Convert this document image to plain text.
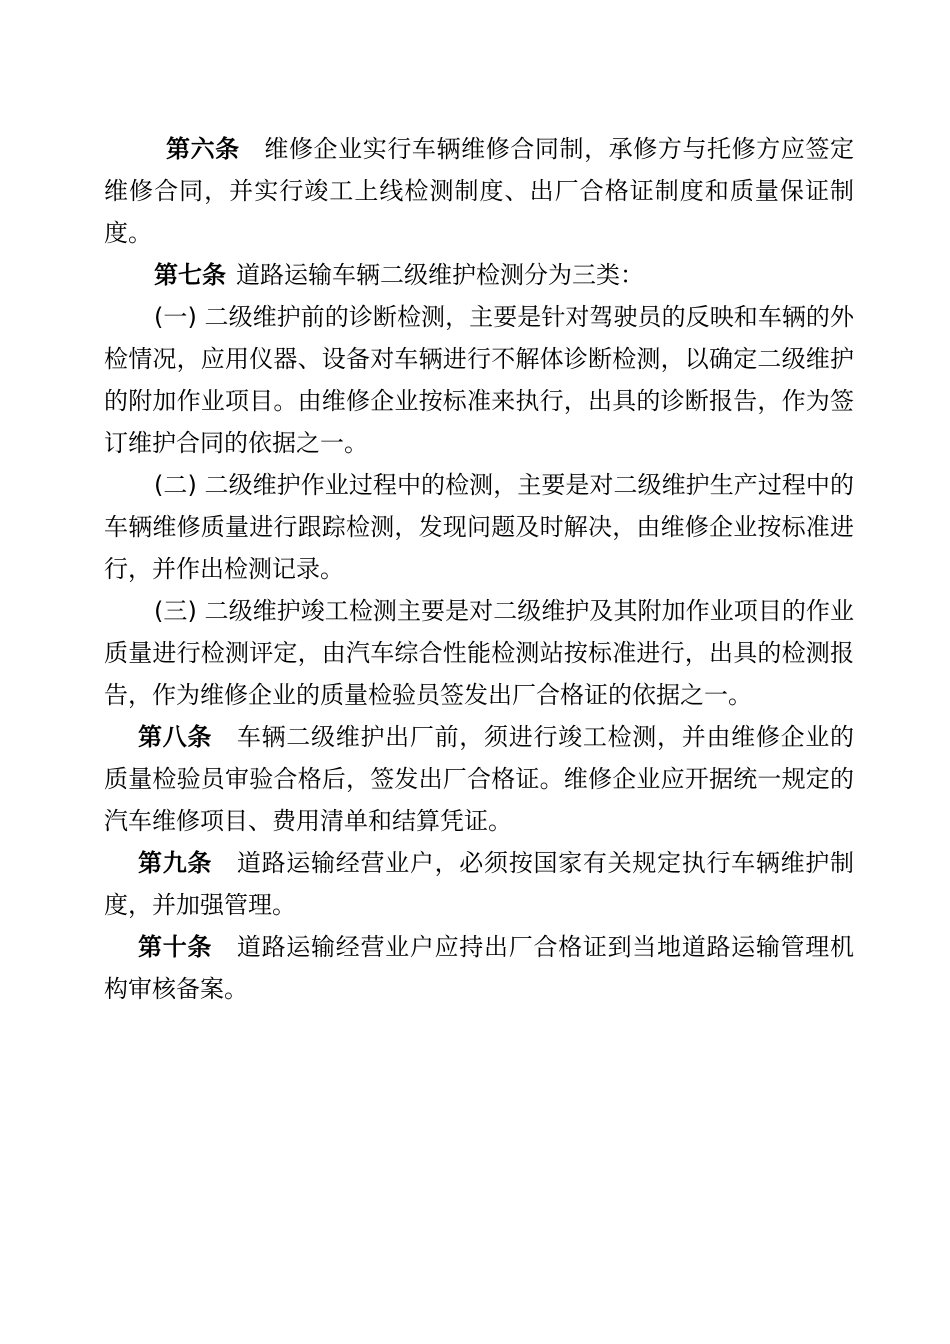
第六条 维修企业实行车辆维修合同制，承修方与托修方应签定维修合同，并实行竣工上线检测制度、出厂合格证制度和质量保证制度。

第七条 道路运输车辆二级维护检测分为三类：

(一) 二级维护前的诊断检测，主要是针对驾驶员的反映和车辆的外检情况，应用仪器、设备对车辆进行不解体诊断检测，以确定二级维护的附加作业项目。由维修企业按标准来执行，出具的诊断报告，作为签订维护合同的依据之一。

(二) 二级维护作业过程中的检测，主要是对二级维护生产过程中的车辆维修质量进行跟踪检测，发现问题及时解决，由维修企业按标准进行，并作出检测记录。

(三) 二级维护竣工检测主要是对二级维护及其附加作业项目的作业质量进行检测评定，由汽车综合性能检测站按标准进行，出具的检测报告，作为维修企业的质量检验员签发出厂合格证的依据之一。

第八条 车辆二级维护出厂前，须进行竣工检测，并由维修企业的质量检验员审验合格后，签发出厂合格证。维修企业应开据统一规定的汽车维修项目、费用清单和结算凭证。

第九条 道路运输经营业户，必须按国家有关规定执行车辆维护制度，并加强管理。

第十条 道路运输经营业户应持出厂合格证到当地道路运输管理机构审核备案。
